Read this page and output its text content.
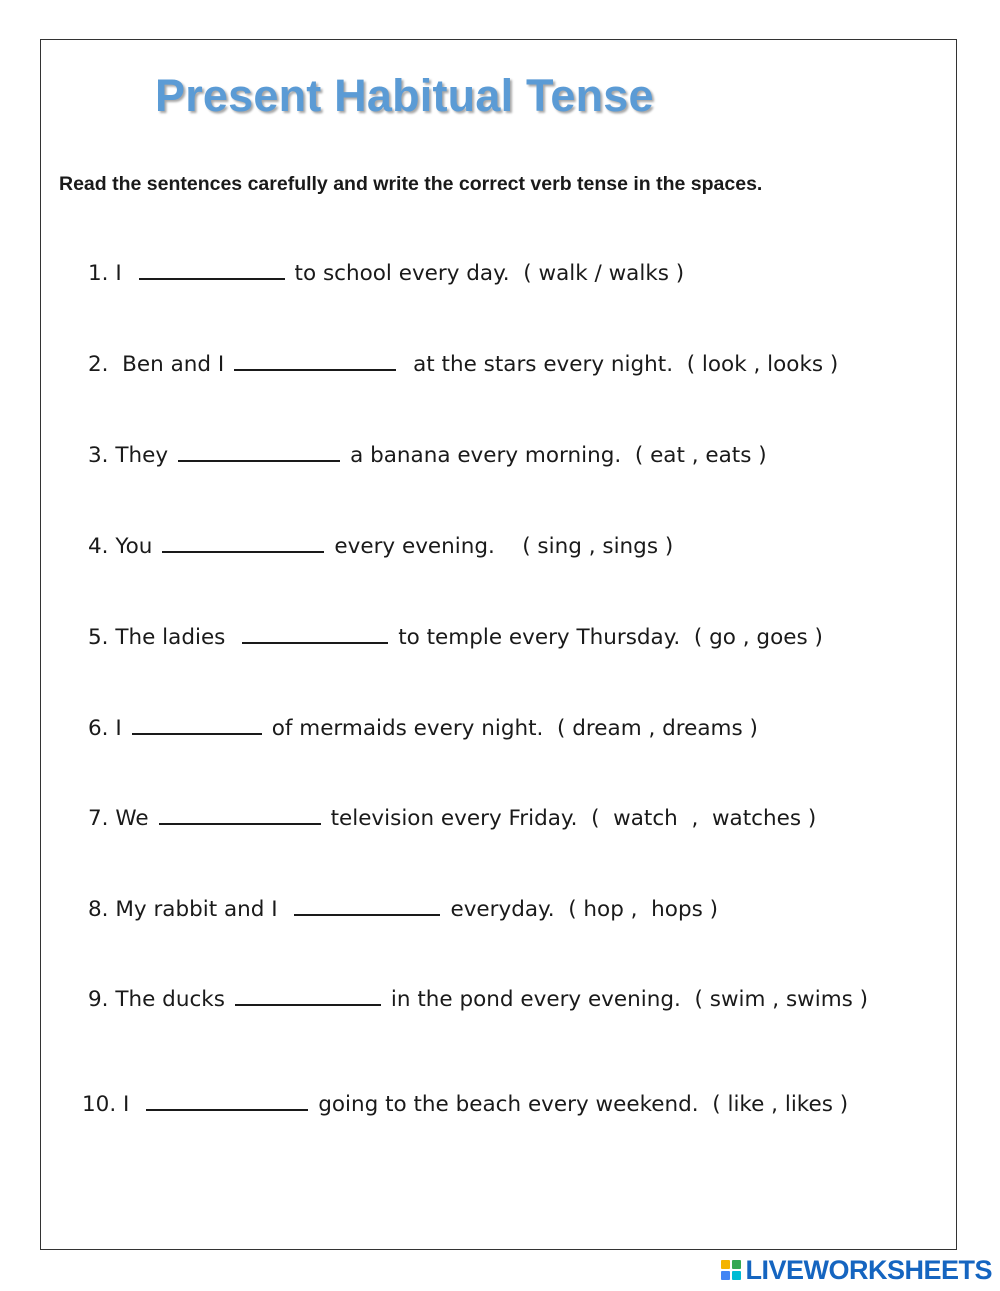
Present Habitual Tense
Read the sentences carefully and write the correct verb tense in the spaces.
1. I	to school every day.  ( walk / walks )
2.  Ben and I	at the stars every night.  ( look , looks )
3. They	a banana every morning.  ( eat , eats )
4. You	every evening.    ( sing , sings )
5. The ladies	to temple every Thursday.  ( go , goes )
6. I	of mermaids every night.  ( dream , dreams )
7. We	television every Friday.  (  watch  ,  watches )
8. My rabbit and I	everyday.  ( hop ,  hops )
9. The ducks	in the pond every evening.  ( swim , swims )
10. I	going to the beach every weekend.  ( like , likes )
LIVEWORKSHEETS
